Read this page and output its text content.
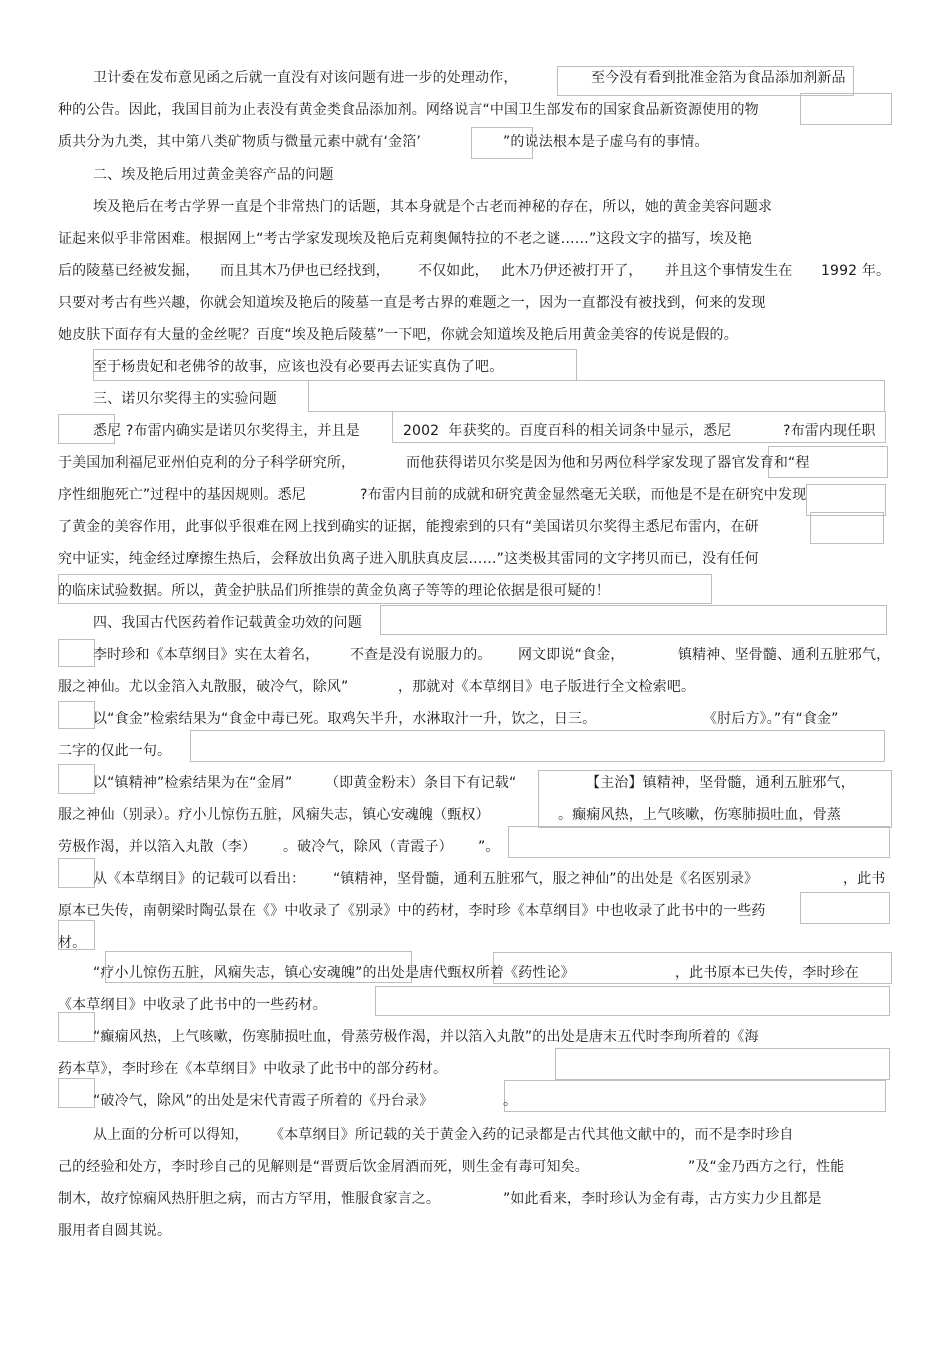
卫计委在发布意见函之后就一直没有对该问题有进一步的处理动作，

	至今没有看到批准金箔为食品添加剂新品

种的公告。因此，我国目前为止表没有黄金类食品添加剂。网络说言“中国卫生部发布的国家食品新资源使用的物

质共分为九类，其中第八类矿物质与微量元素中就有‘金箔’

	”的说法根本是子虚乌有的事情。

二、埃及艳后用过黄金美容产品的问题
埃及艳后在考古学界一直是个非常热门的话题，其本身就是个古老而神秘的存在，所以，她的黄金美容问题求
证起来似乎非常困难。根据网上“考古学家发现埃及艳后克莉奥佩特拉的不老之谜……”这段文字的描写，埃及艳

后的陵墓已经被发掘，

而且其木乃伊也已经找到，

不仅如此，

此木乃伊还被打开了，

并且这个事情发生在

1992 年。

只要对考古有些兴趣，你就会知道埃及艳后的陵墓一直是考古界的难题之一，因为一直都没有被找到，何来的发现
她皮肤下面存有大量的金丝呢？百度“埃及艳后陵墓”一下吧，你就会知道埃及艳后用黄金美容的传说是假的。
至于杨贵妃和老佛爷的故事，应该也没有必要再去证实真伪了吧。
三、诺贝尔奖得主的实验问题

悉尼 ?布雷内确实是诺贝尔奖得主，并且是

	2002  年获奖的。百度百科的相关词条中显示，悉尼

	?布雷内现任职

于美国加利福尼亚州伯克利的分子科学研究所，

	而他获得诺贝尔奖是因为他和另两位科学家发现了器官发育和“程

序性细胞死亡”过程中的基因规则。悉尼

	?布雷内目前的成就和研究黄金显然毫无关联，而他是不是在研究中发现

了黄金的美容作用，此事似乎很难在网上找到确实的证据，能搜索到的只有“美国诺贝尔奖得主悉尼布雷内，在研
究中证实，纯金经过摩擦生热后，会释放出负离子进入肌肤真皮层……”这类极其雷同的文字拷贝而已，没有任何
的临床试验数据。所以，黄金护肤品们所推崇的黄金负离子等等的理论依据是很可疑的！
四、我国古代医药着作记载黄金功效的问题

李时珍和《本草纲目》实在太着名，

不查是没有说服力的。

网文即说“食金，

	镇精神、坚骨髓、通利五脏邪气，

服之神仙。尤以金箔入丸散服，破冷气，除风”

	，那就对《本草纲目》电子版进行全文检索吧。

以“食金”检索结果为“食金中毒已死。取鸡矢半升，水淋取汁一升，饮之，日三。

	《肘后方》。”有“食金”

二字的仅此一句。

以“镇精神”检索结果为在“金屑”

（即黄金粉末）条目下有记载“

	【主治】镇精神，坚骨髓，通利五脏邪气，

服之神仙（别录）。疗小儿惊伤五脏，风痫失志，镇心安魂魄（甄权）

	。癫痫风热，上气咳嗽，伤寒肺损吐血，骨蒸

劳极作渴，并以箔入丸散（李）

。破冷气，除风（青霞子）

”。

从《本草纲目》的记载可以看出：

“镇精神，坚骨髓，通利五脏邪气，服之神仙”的出处是《名医别录》

	，此书

原本已失传，南朝梁时陶弘景在《》中收录了《别录》中的药材，李时珍《本草纲目》中也收录了此书中的一些药
材。

“疗小儿惊伤五脏，风痫失志，镇心安魂魄”的出处是唐代甄权所着《药性论》

	，此书原本已失传，李时珍在

《本草纲目》中收录了此书中的一些药材。
“癫痫风热，上气咳嗽，伤寒肺损吐血，骨蒸劳极作渴，并以箔入丸散”的出处是唐末五代时李珣所着的《海
药本草》，李时珍在《本草纲目》中收录了此书中的部分药材。

“破冷气，除风”的出处是宋代青霞子所着的《丹台录》

	。

从上面的分析可以得知，

《本草纲目》所记载的关于黄金入药的记录都是古代其他文献中的，而不是李时珍自

己的经验和处方，李时珍自己的见解则是“晋贾后饮金屑酒而死，则生金有毒可知矣。

	”及“金乃西方之行，性能

制木，故疗惊痫风热肝胆之病，而古方罕用，惟服食家言之。

	”如此看来，李时珍认为金有毒，古方实力少且都是

服用者自圆其说。
